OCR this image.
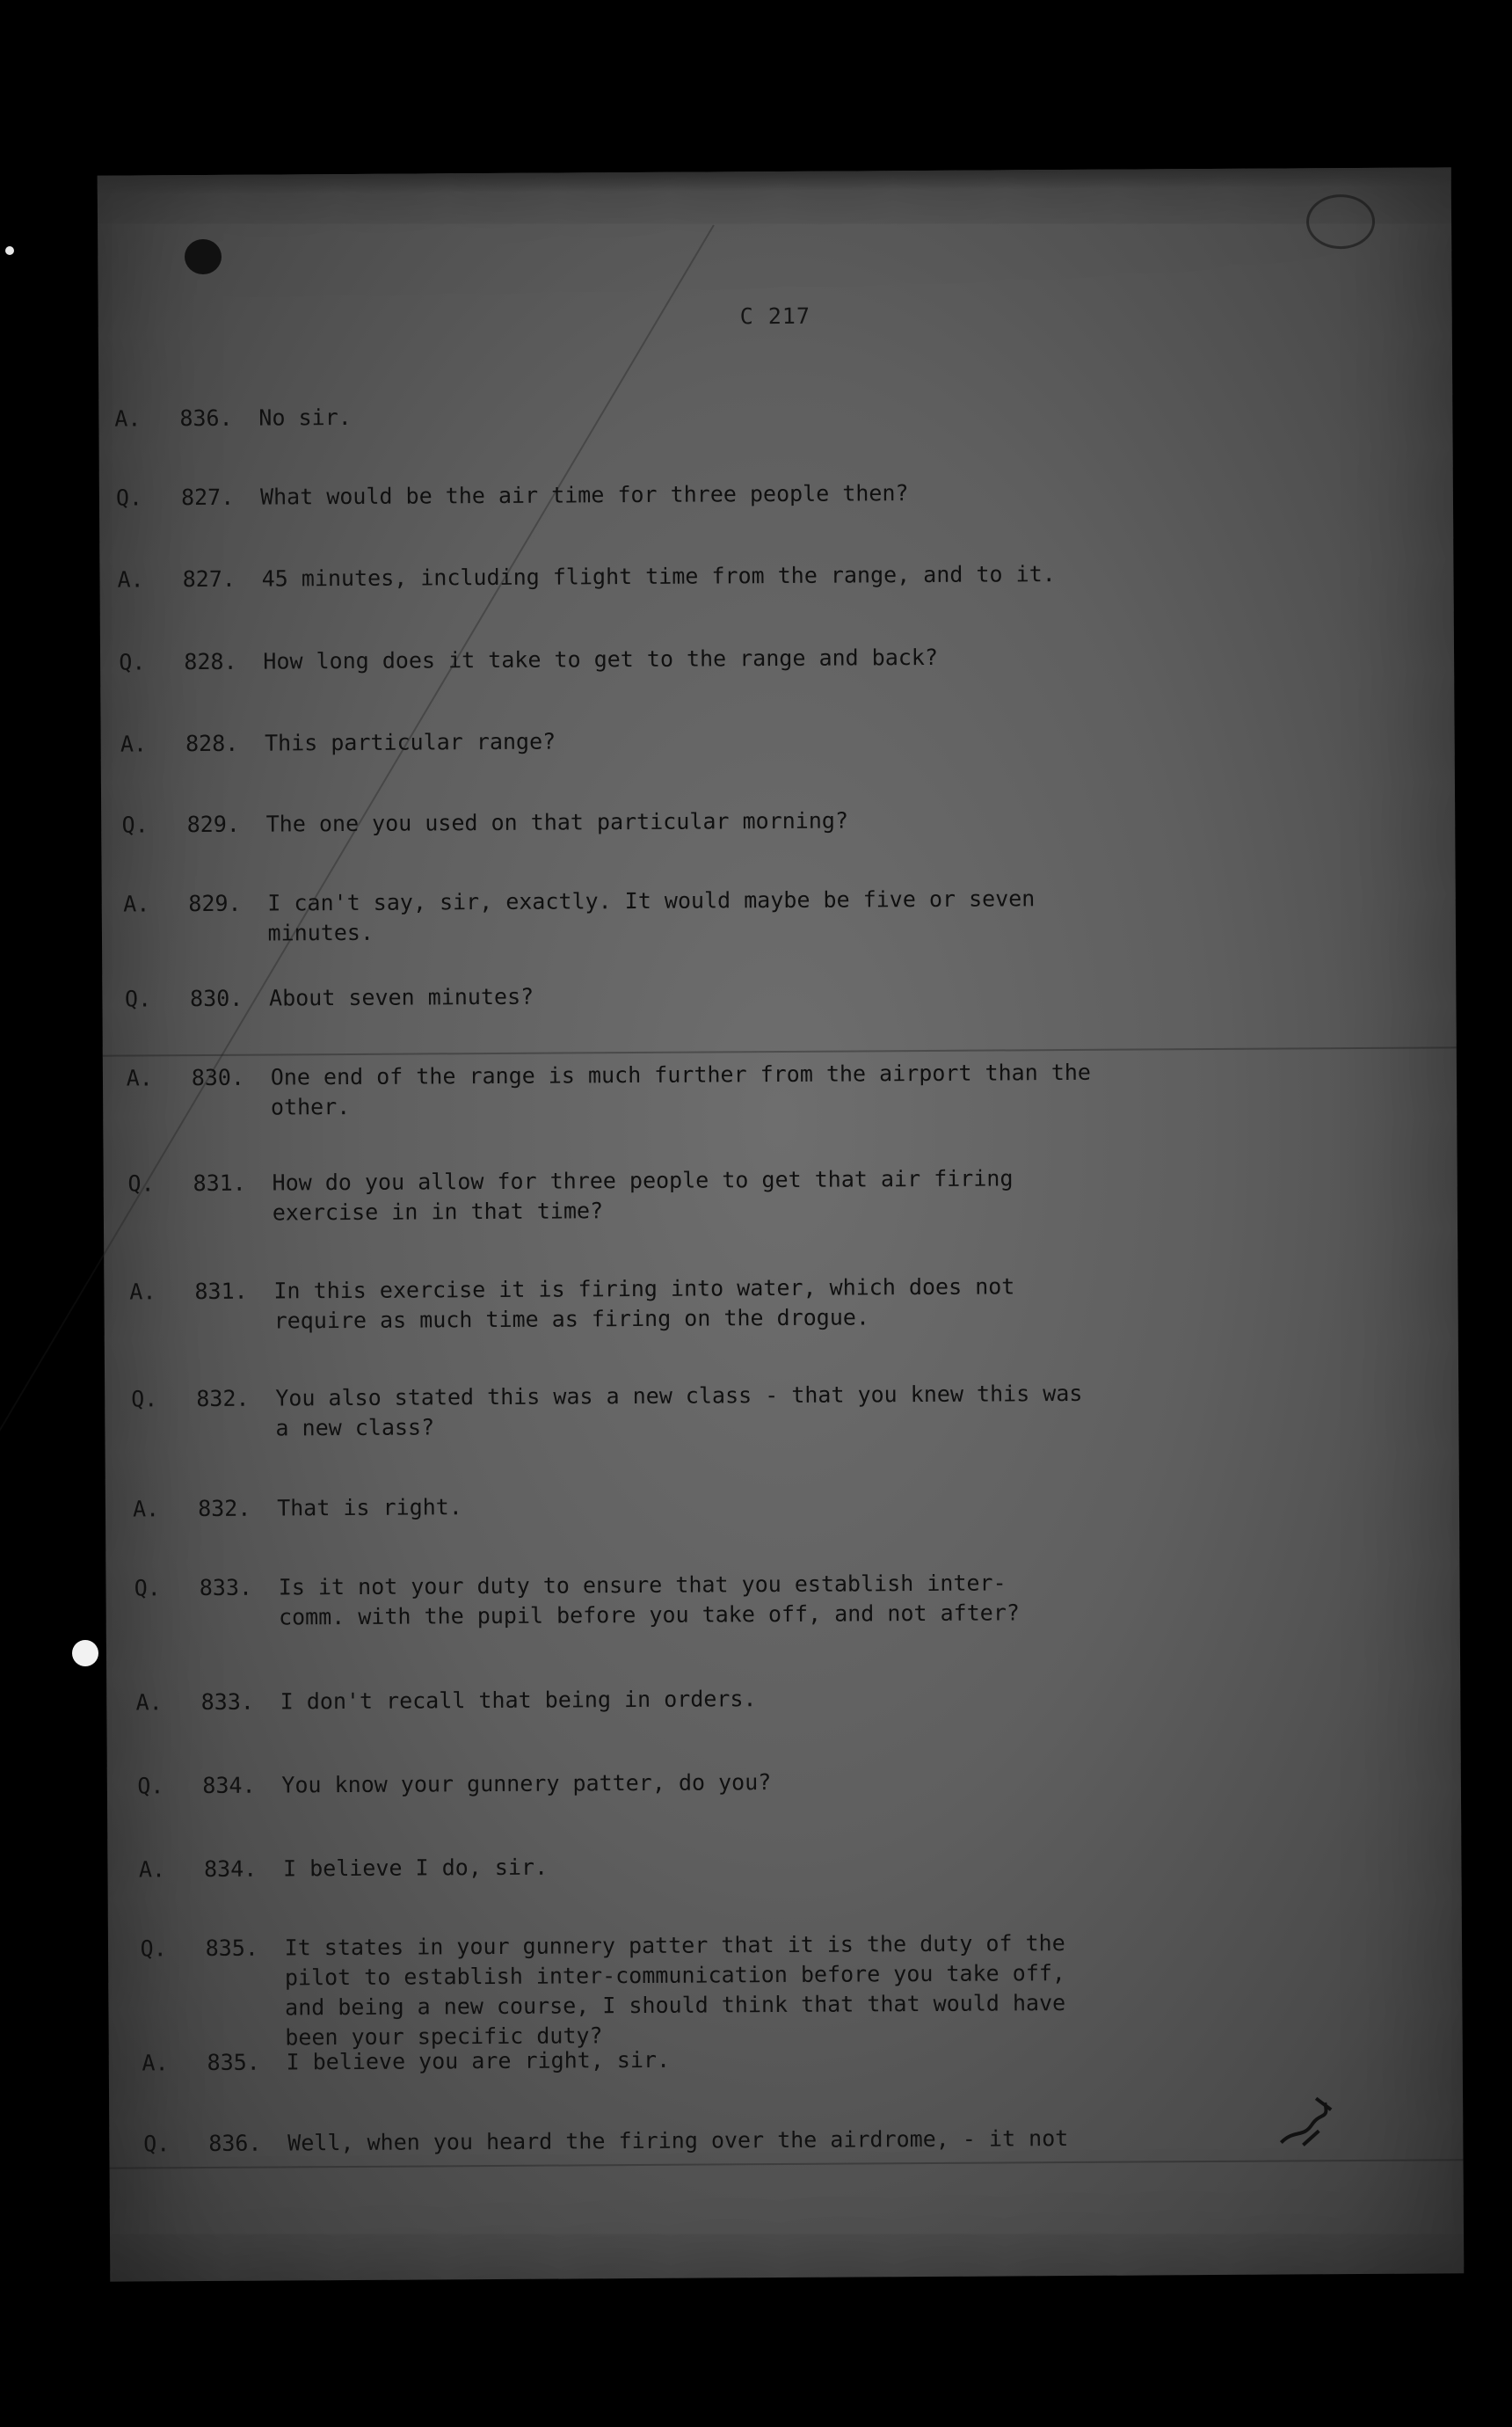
C 217
A. 836. No sir.
Q. 827. What would be the air time for three people then?
A. 827. 45 minutes, including flight time from the range, and to it.
Q. 828. How long does it take to get to the range and back?
A. 828. This particular range?
Q. 829. The one you used on that particular morning?
A. 829. I can't say, sir, exactly. It would maybe be five or seven
minutes.
Q. 830. About seven minutes?
A. 830. One end of the range is much further from the airport than the
other.
Q. 831. How do you allow for three people to get that air firing
exercise in in that time?
A. 831. In this exercise it is firing into water, which does not
require as much time as firing on the drogue.
Q. 832. You also stated this was a new class - that you knew this was
a new class?
A. 832. That is right.
Q. 833. Is it not your duty to ensure that you establish inter-
comm. with the pupil before you take off, and not after?
A. 833. I don't recall that being in orders.
Q. 834. You know your gunnery patter, do you?
A. 834. I believe I do, sir.
Q. 835. It states in your gunnery patter that it is the duty of the
pilot to establish inter-communication before you take off,
and being a new course, I should think that that would have
been your specific duty?
A. 835. I believe you are right, sir.
Q. 836. Well, when you heard the firing over the airdrome, - it not
